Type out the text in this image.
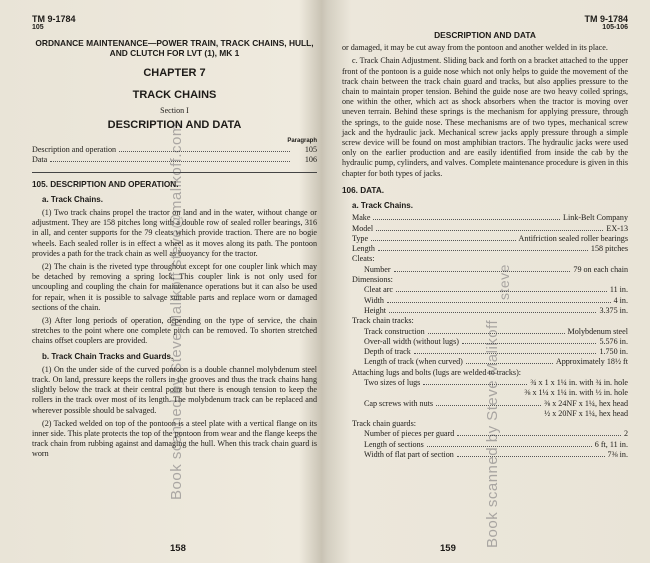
TM 9-1784
105
ORDNANCE MAINTENANCE—POWER TRAIN, TRACK CHAINS, HULL, AND CLUTCH FOR LVT (1), MK 1
CHAPTER 7
TRACK CHAINS
Section I
DESCRIPTION AND DATA
Paragraph
Description and operation	105
Data	106
105. DESCRIPTION AND OPERATION.
a. Track Chains.

(1) Two track chains propel the tractor on land and in the water, without change or adjustment. They are 158 pitches long with a double row of sealed roller bearings, 316 in all, and center supports for the 79 cleats which provide traction. There are no bogie wheels. Each sealed roller is in effect a wheel as it moves along its path. The pontoon provides a path for the track chain as well as buoyancy for the tractor.

(2) The chain is the riveted type throughout except for one coupler link which may be detached by removing a spring lock. This coupler link is not only used for uncoupling and coupling the chain for maintenance operations but it can also be used for repair, when it is possible to salvage suitable parts and replace worn or damaged sections of the chain.

(3) After long periods of operation, depending on the type of service, the chain stretches to the point where one complete pitch can be removed. To shorten stretched chains offset couplers are provided.

b. Track Chain Tracks and Guards.

(1) On the under side of the curved pontoon is a double channel molybdenum steel track. On land, pressure keeps the rollers in the grooves and thus the track chains hang slightly below the track at their central point but there is enough tension to keep the rollers in the track over most of its length. The molybdenum track can be replaced and wherever possible should be salvaged.

(2) Tacked welded on top of the pontoon is a steel plate with a vertical flange on its inner side. This plate protects the top of the pontoon from wear and the flange keeps the track chain from rubbing against and damaging the hull. When this track chain guard is worn

158
TM 9-1784
105-106
DESCRIPTION AND DATA

or damaged, it may be cut away from the pontoon and another welded in its place.

c. Track Chain Adjustment. Sliding back and forth on a bracket attached to the upper front of the pontoon is a guide nose which not only helps to guide the movement of the track chain between the track chain guard and tracks, but also applies pressure to the chain to maintain proper tension. Behind the guide nose are two heavy coiled springs, one within the other, which act as shock absorbers when the tractor is moving over uneven terrain. Behind these springs is the mechanism for applying pressure, through the springs, to the guide nose. These mechanisms are of two types, mechanical screw jack and the hydraulic jack. Mechanical screw jacks apply pressure through a simple screw device will be found on most amphibian tractors. The hydraulic jacks were used only on the earlier production and are easily identified from inside the cab by the hydraulic pump, cylinders, and valves. Complete maintenance procedure is given in this chapter for both types of jacks.

106. DATA.
a. Track Chains.
Make	Link-Belt Company
Model	EX-13
Type	Antifriction sealed roller bearings
Length	158 pitches
Cleats:
Number	79 on each chain
Dimensions:
Cleat arc	11 in.
Width	4 in.
Height	3.375 in.
Track chain tracks:
Track construction	Molybdenum steel
Over-all width (without lugs)	5.576 in.
Depth of track	1.750 in.
Length of track (when curved)	Approximately 18½ ft
Attaching lugs and bolts (lugs are welded to tracks):
Two sizes of lugs	¾ x 1 x 1¼ in. with ¾ in. hole
⅜ x 1¼ x 1¼ in. with ½ in. hole
Cap screws with nuts	⅜ x 24NF x 1¼, hex head
½ x 20NF x 1¼, hex head
Track chain guards:
Number of pieces per guard	2
Length of sections	6 ft, 11 in.
Width of flat part of section	7⅜ in.
159
Book scanned by Steve Malikoff steve@malikoff.com	Book scanned by Steve Malikoff
steve
